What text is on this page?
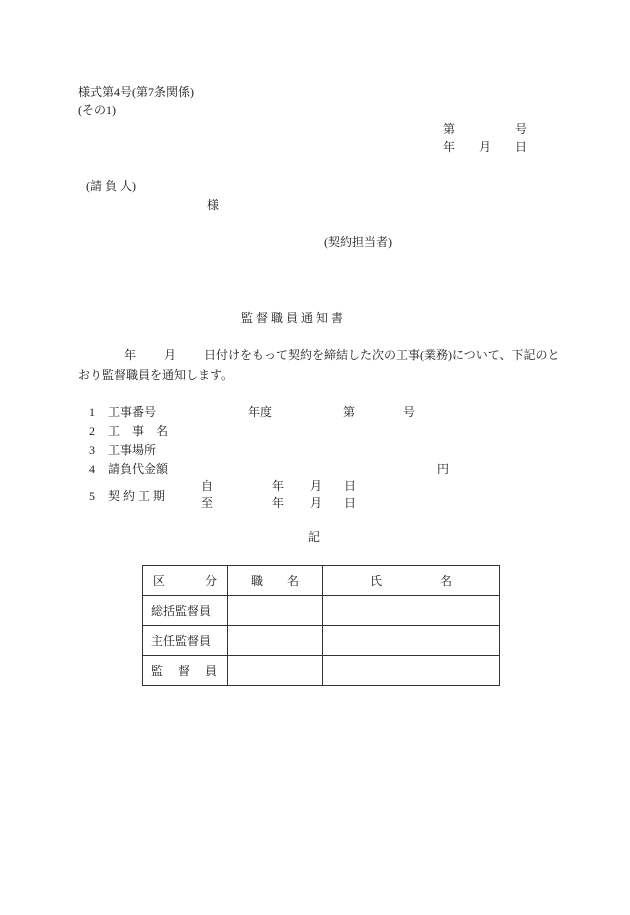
様式第4号(第7条関係)
(その1)
第	号
年 月 日
(請 負 人)
様
(契約担当者)
監 督 職 員 通 知 書
年 月 日付けをもって契約を締結した次の工事(業務)について、下記のと
おり監督職員を通知します。
1 工事番号	年度	第	号
2 工　事　名
3 工事場所
4 請負代金額	円
5 契 約 工 期
自	年 月 日
至	年 月 日
記
区 分	職 名	氏 名

総括監督員		
主任監督員		

監 督 員		
